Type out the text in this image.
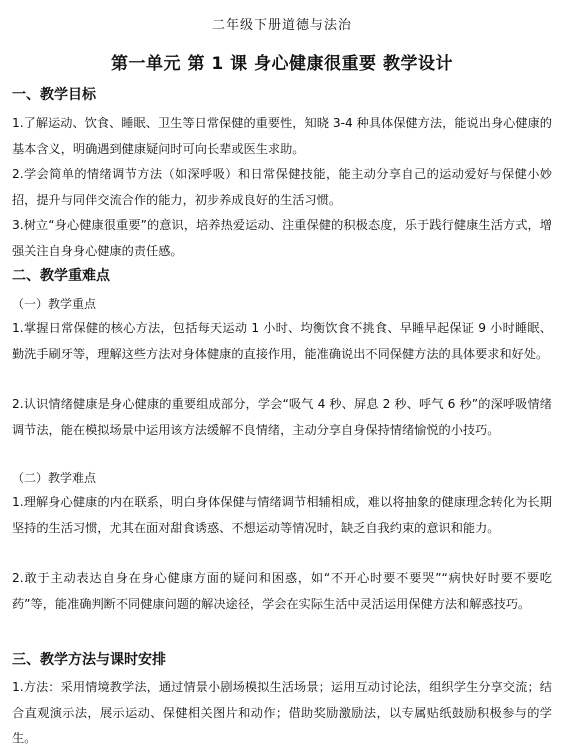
二年级下册道德与法治
第一单元 第 1 课 身心健康很重要 教学设计
一、教学目标
1.了解运动、饮食、睡眠、卫生等日常保健的重要性，知晓 3-4 种具体保健方法，能说出身心健康的基本含义，明确遇到健康疑问时可向长辈或医生求助。
2.学会简单的情绪调节方法（如深呼吸）和日常保健技能，能主动分享自己的运动爱好与保健小妙招，提升与同伴交流合作的能力，初步养成良好的生活习惯。
3.树立“身心健康很重要”的意识，培养热爱运动、注重保健的积极态度，乐于践行健康生活方式，增强关注自身身心健康的责任感。
二、教学重难点
（一）教学重点
1.掌握日常保健的核心方法，包括每天运动 1 小时、均衡饮食不挑食、早睡早起保证 9 小时睡眠、勤洗手刷牙等，理解这些方法对身体健康的直接作用，能准确说出不同保健方法的具体要求和好处。
2.认识情绪健康是身心健康的重要组成部分，学会“吸气 4 秒、屏息 2 秒、呼气 6 秒”的深呼吸情绪调节法，能在模拟场景中运用该方法缓解不良情绪，主动分享自身保持情绪愉悦的小技巧。
（二）教学难点
1.理解身心健康的内在联系，明白身体保健与情绪调节相辅相成，难以将抽象的健康理念转化为长期坚持的生活习惯，尤其在面对甜食诱惑、不想运动等情况时，缺乏自我约束的意识和能力。
2.敢于主动表达自身在身心健康方面的疑问和困惑，如“不开心时要不要哭”“病快好时要不要吃药”等，能准确判断不同健康问题的解决途径，学会在实际生活中灵活运用保健方法和解惑技巧。
三、教学方法与课时安排
1.方法：采用情境教学法，通过情景小剧场模拟生活场景；运用互动讨论法，组织学生分享交流；结合直观演示法，展示运动、保健相关图片和动作；借助奖励激励法，以专属贴纸鼓励积极参与的学生。
